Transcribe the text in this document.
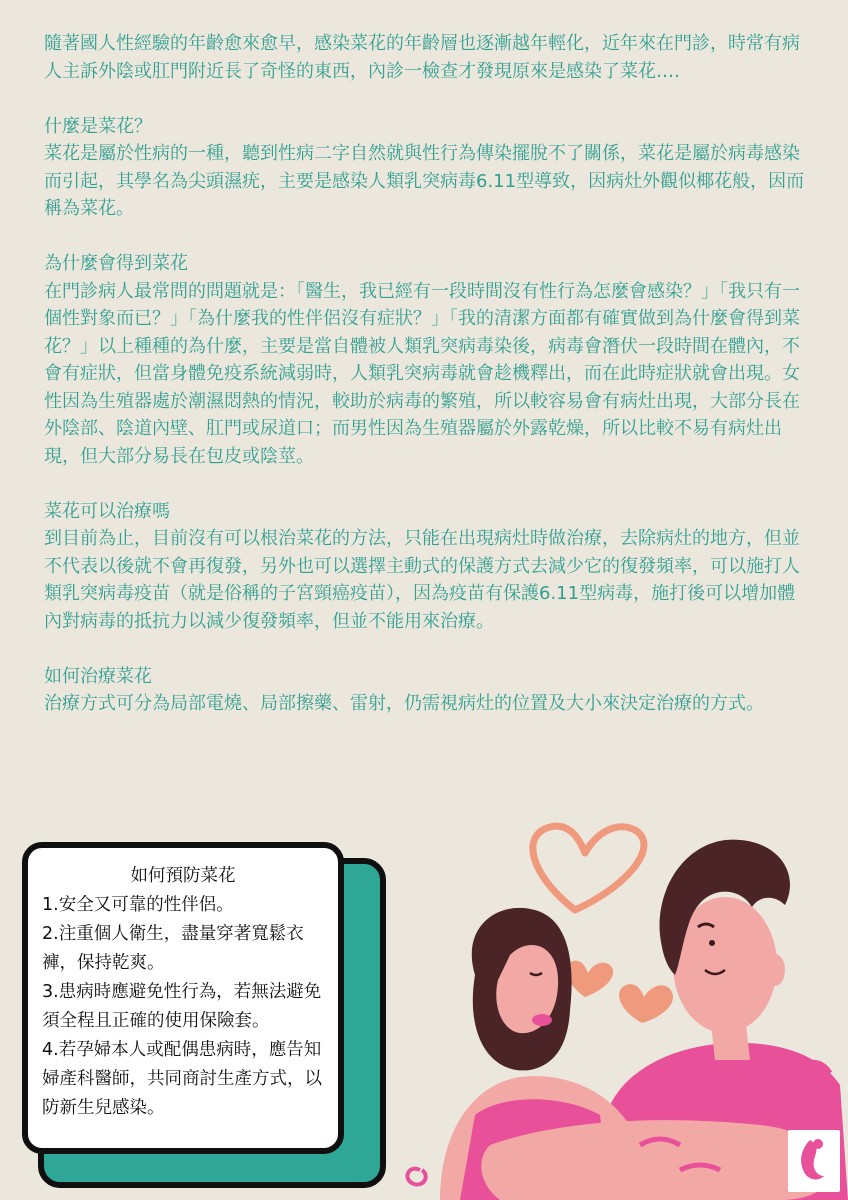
隨著國人性經驗的年齡愈來愈早，感染菜花的年齡層也逐漸越年輕化，近年來在門診，時常有病人主訴外陰或肛門附近長了奇怪的東西，內診一檢查才發現原來是感染了菜花….

什麼是菜花？

菜花是屬於性病的一種，聽到性病二字自然就與性行為傳染擺脫不了關係，菜花是屬於病毒感染而引起，其學名為尖頭濕疣，主要是感染人類乳突病毒6.11型導致，因病灶外觀似椰花般，因而稱為菜花。

為什麼會得到菜花

在門診病人最常問的問題就是：「醫生，我已經有一段時間沒有性行為怎麼會感染？」「我只有一個性對象而已？」「為什麼我的性伴侶沒有症狀？」「我的清潔方面都有確實做到為什麼會得到菜花？」以上種種的為什麼，主要是當自體被人類乳突病毒染後，病毒會潛伏一段時間在體內，不會有症狀，但當身體免疫系統減弱時，人類乳突病毒就會趁機釋出，而在此時症狀就會出現。女性因為生殖器處於潮濕悶熱的情況，較助於病毒的繁殖，所以較容易會有病灶出現，大部分長在外陰部、陰道內壁、肛門或尿道口；而男性因為生殖器屬於外露乾燥，所以比較不易有病灶出現，但大部分易長在包皮或陰莖。

菜花可以治療嗎

到目前為止，目前沒有可以根治菜花的方法，只能在出現病灶時做治療，去除病灶的地方，但並不代表以後就不會再復發，另外也可以選擇主動式的保護方式去減少它的復發頻率，可以施打人類乳突病毒疫苗（就是俗稱的子宮頸癌疫苗），因為疫苗有保護6.11型病毒，施打後可以增加體內對病毒的抵抗力以減少復發頻率，但並不能用來治療。

如何治療菜花

治療方式可分為局部電燒、局部擦藥、雷射，仍需視病灶的位置及大小來決定治療的方式。

如何預防菜花

1.安全又可靠的性伴侶。

2.注重個人衛生，盡量穿著寬鬆衣褲，保持乾爽。

3.患病時應避免性行為，若無法避免須全程且正確的使用保險套。

4.若孕婦本人或配偶患病時，應告知婦產科醫師，共同商討生產方式，以防新生兒感染。
